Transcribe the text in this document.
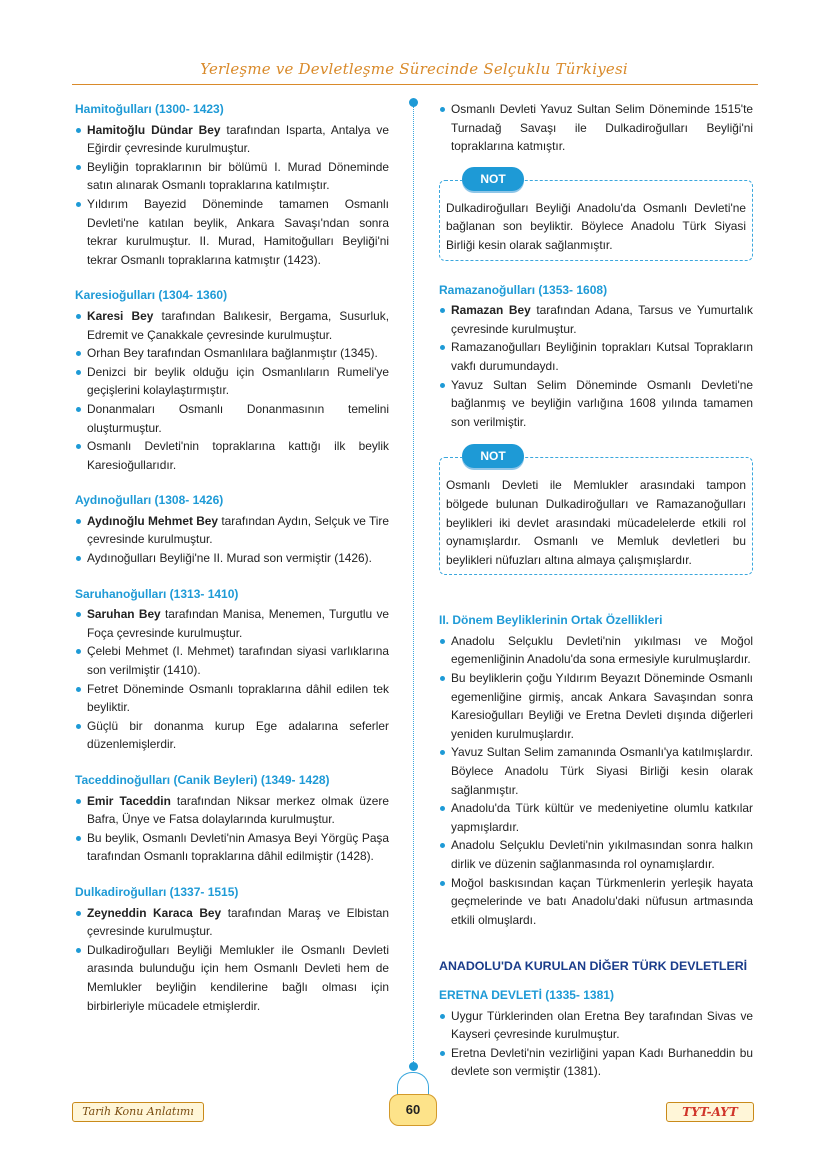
Yerleşme ve Devletleşme Sürecinde Selçuklu Türkiyesi
Hamitoğulları (1300- 1423)
Hamitoğlu Dündar Bey tarafından Isparta, Antalya ve Eğirdir çevresinde kurulmuştur.
Beyliğin topraklarının bir bölümü I. Murad Döneminde satın alınarak Osmanlı topraklarına katılmıştır.
Yıldırım Bayezid Döneminde tamamen Osmanlı Devleti'ne katılan beylik, Ankara Savaşı'ndan sonra tekrar kurulmuştur. II. Murad, Hamitoğulları Beyliği'ni tekrar Osmanlı topraklarına katmıştır (1423).
Karesioğulları (1304- 1360)
Karesi Bey tarafından Balıkesir, Bergama, Susurluk, Edremit ve Çanakkale çevresinde kurulmuştur.
Orhan Bey tarafından Osmanlılara bağlanmıştır (1345).
Denizci bir beylik olduğu için Osmanlıların Rumeli'ye geçişlerini kolaylaştırmıştır.
Donanmaları Osmanlı Donanmasının temelini oluşturmuştur.
Osmanlı Devleti'nin topraklarına kattığı ilk beylik Karesioğullarıdır.
Aydınoğulları (1308- 1426)
Aydınoğlu Mehmet Bey tarafından Aydın, Selçuk ve Tire çevresinde kurulmuştur.
Aydınoğulları Beyliği'ne II. Murad son vermiştir (1426).
Saruhanoğulları (1313- 1410)
Saruhan Bey tarafından Manisa, Menemen, Turgutlu ve Foça çevresinde kurulmuştur.
Çelebi Mehmet (I. Mehmet) tarafından siyasi varlıklarına son verilmiştir (1410).
Fetret Döneminde Osmanlı topraklarına dâhil edilen tek beyliktir.
Güçlü bir donanma kurup Ege adalarına seferler düzenlemişlerdir.
Taceddinoğulları (Canik Beyleri) (1349- 1428)
Emir Taceddin tarafından Niksar merkez olmak üzere Bafra, Ünye ve Fatsa dolaylarında kurulmuştur.
Bu beylik, Osmanlı Devleti'nin Amasya Beyi Yörgüç Paşa tarafından Osmanlı topraklarına dâhil edilmiştir (1428).
Dulkadiroğulları (1337- 1515)
Zeyneddin Karaca Bey tarafından Maraş ve Elbistan çevresinde kurulmuştur.
Dulkadiroğulları Beyliği Memlukler ile Osmanlı Devleti arasında bulunduğu için hem Osmanlı Devleti hem de Memlukler beyliğin kendilerine bağlı olması için birbirleriyle mücadele etmişlerdir.
Osmanlı Devleti Yavuz Sultan Selim Döneminde 1515'te Turnadağ Savaşı ile Dulkadiroğulları Beyliği'ni topraklarına katmıştır.
NOT
Dulkadiroğulları Beyliği Anadolu'da Osmanlı Devleti'ne bağlanan son beyliktir. Böylece Anadolu Türk Siyasi Birliği kesin olarak sağlanmıştır.
Ramazanoğulları (1353- 1608)
Ramazan Bey tarafından Adana, Tarsus ve Yumurtalık çevresinde kurulmuştur.
Ramazanoğulları Beyliğinin toprakları Kutsal Toprakların vakfı durumundaydı.
Yavuz Sultan Selim Döneminde Osmanlı Devleti'ne bağlanmış ve beyliğin varlığına 1608 yılında tamamen son verilmiştir.
NOT
Osmanlı Devleti ile Memlukler arasındaki tampon bölgede bulunan Dulkadiroğulları ve Ramazanoğulları beylikleri iki devlet arasındaki mücadelelerde etkili rol oynamışlardır. Osmanlı ve Memluk devletleri bu beylikleri nüfuzları altına almaya çalışmışlardır.
II. Dönem Beyliklerinin Ortak Özellikleri
Anadolu Selçuklu Devleti'nin yıkılması ve Moğol egemenliğinin Anadolu'da sona ermesiyle kurulmuşlardır.
Bu beyliklerin çoğu Yıldırım Beyazıt Döneminde Osmanlı egemenliğine girmiş, ancak Ankara Savaşından sonra Karesioğulları Beyliği ve Eretna Devleti dışında diğerleri yeniden kurulmuşlardır.
Yavuz Sultan Selim zamanında Osmanlı'ya katılmışlardır. Böylece Anadolu Türk Siyasi Birliği kesin olarak sağlanmıştır.
Anadolu'da Türk kültür ve medeniyetine olumlu katkılar yapmışlardır.
Anadolu Selçuklu Devleti'nin yıkılmasından sonra halkın dirlik ve düzenin sağlanmasında rol oynamışlardır.
Moğol baskısından kaçan Türkmenlerin yerleşik hayata geçmelerinde ve batı Anadolu'daki nüfusun artmasında etkili olmuşlardı.
ANADOLU'DA KURULAN DİĞER TÜRK DEVLETLERİ
ERETNA DEVLETİ (1335- 1381)
Uygur Türklerinden olan Eretna Bey tarafından Sivas ve Kayseri çevresinde kurulmuştur.
Eretna Devleti'nin vezirliğini yapan Kadı Burhaneddin bu devlete son vermiştir (1381).
Tarih Konu Anlatımı	60	TYT-AYT
